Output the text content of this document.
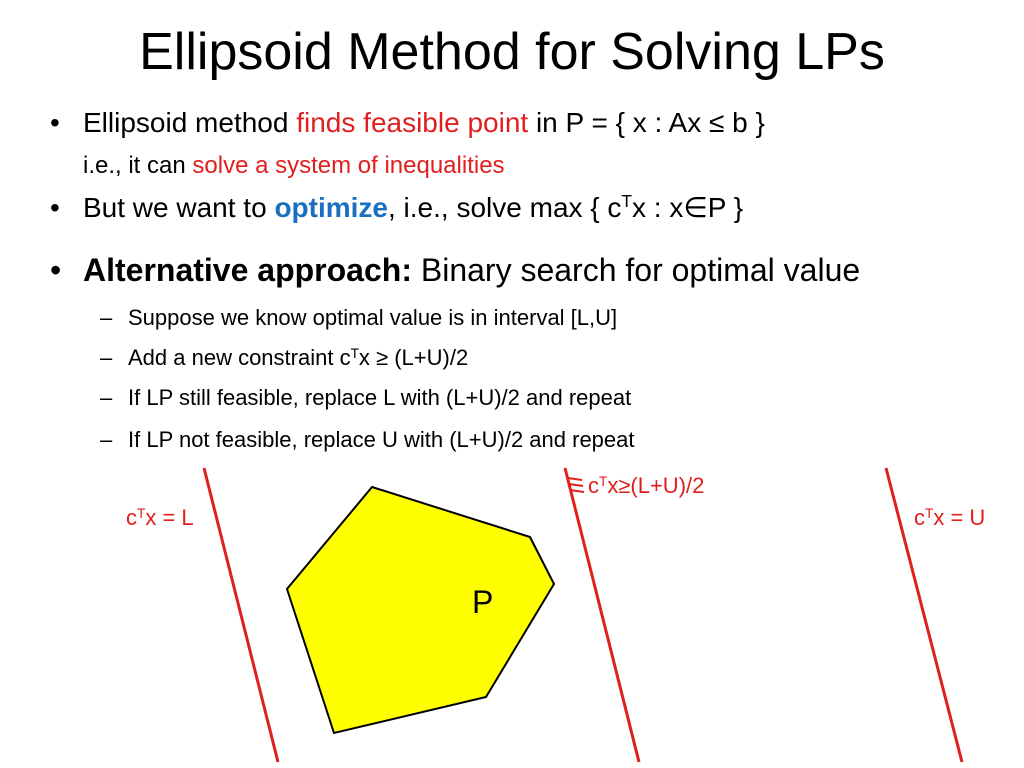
Ellipsoid Method for Solving LPs
• Ellipsoid method finds feasible point in P = { x : Ax ≤ b }
i.e., it can solve a system of inequalities
• But we want to optimize, i.e., solve max { $c^Tx$ : x∈P }
• Alternative approach: Binary search for optimal value
– Suppose we know optimal value is in interval [L,U]
– Add a new constraint $c^Tx \ge (L+U)/2$
– If LP still feasible, replace L with (L+U)/2 and repeat
– If LP not feasible, replace U with (L+U)/2 and repeat
P
$c^Tx = L$
$c^Tx\ge(L+U)/2$
$c^Tx = U$
